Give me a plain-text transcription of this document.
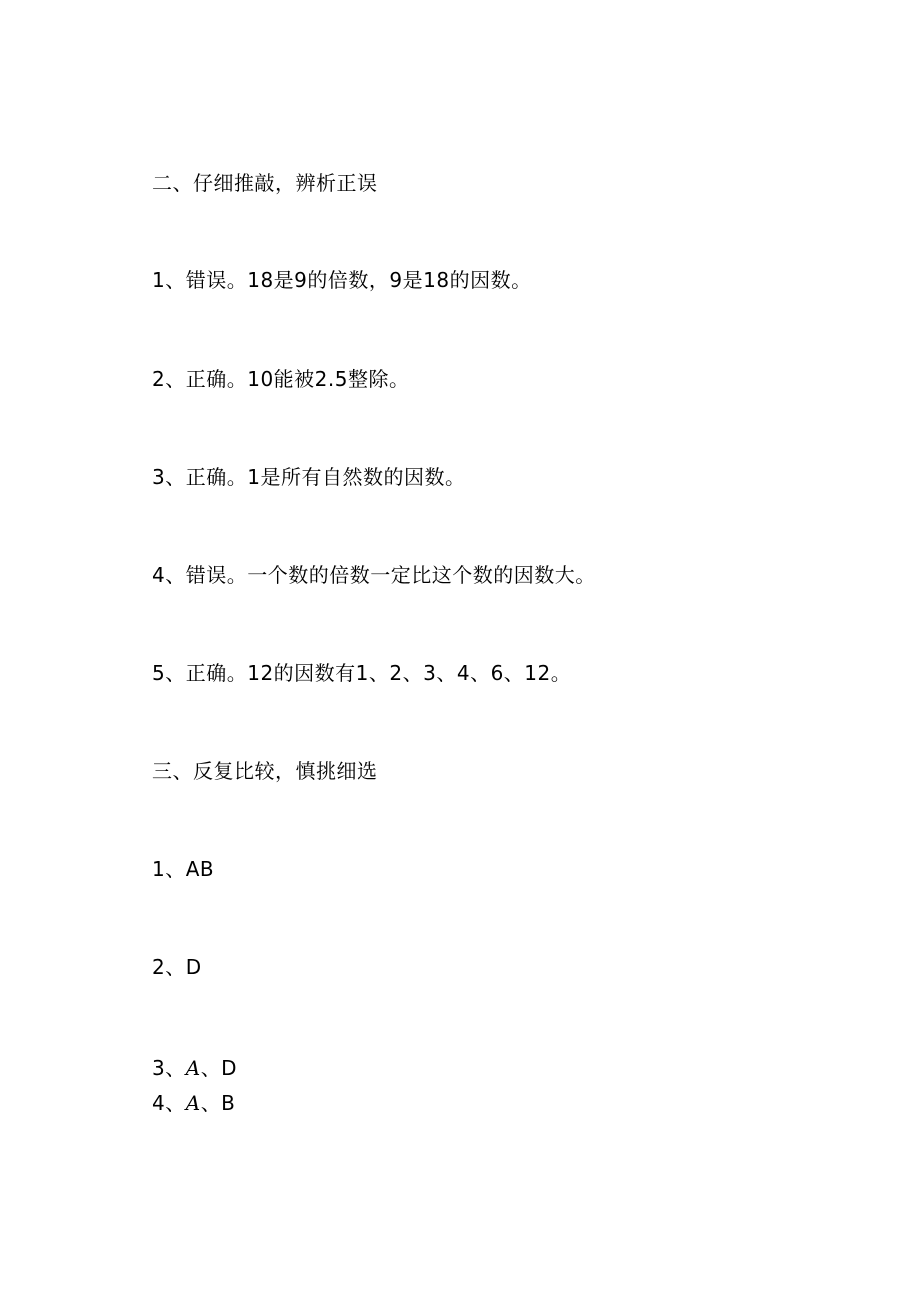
二、仔细推敲，辨析正误
1、错误。18是9的倍数，9是18的因数。
2、正确。10能被2.5整除。
3、正确。1是所有自然数的因数。
4、错误。一个数的倍数一定比这个数的因数大。
5、正确。12的因数有1、2、3、4、6、12。
三、反复比较，慎挑细选
1、AB
2、D
3、A、D
4、A、B
